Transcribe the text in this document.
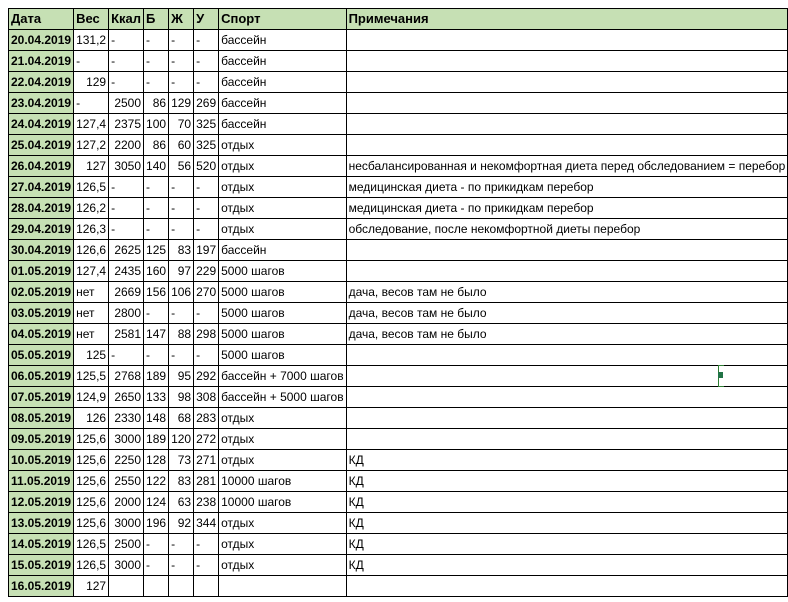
Дата	Вес	Ккал	Б	Ж	У	Спорт	Примечания
20.04.2019	131,2	-	-	-	-	бассейн	
21.04.2019	-	-	-	-	-	бассейн	
22.04.2019	129	-	-	-	-	бассейн	
23.04.2019	-	2500	86	129	269	бассейн	
24.04.2019	127,4	2375	100	70	325	бассейн	
25.04.2019	127,2	2200	86	60	325	отдых	
26.04.2019	127	3050	140	56	520	отдых	несбалансированная и некомфортная диета перед обследованием = перебор
27.04.2019	126,5	-	-	-	-	отдых	медицинская диета - по прикидкам перебор
28.04.2019	126,2	-	-	-	-	отдых	медицинская диета - по прикидкам перебор
29.04.2019	126,3	-	-	-	-	отдых	обследование, после некомфортной диеты перебор
30.04.2019	126,6	2625	125	83	197	бассейн	
01.05.2019	127,4	2435	160	97	229	5000 шагов	
02.05.2019	нет	2669	156	106	270	5000 шагов	дача, весов там не было
03.05.2019	нет	2800	-	-	-	5000 шагов	дача, весов там не было
04.05.2019	нет	2581	147	88	298	5000 шагов	дача, весов там не было
05.05.2019	125	-	-	-	-	5000 шагов	
06.05.2019	125,5	2768	189	95	292	бассейн + 7000 шагов	
07.05.2019	124,9	2650	133	98	308	бассейн + 5000 шагов	
08.05.2019	126	2330	148	68	283	отдых	
09.05.2019	125,6	3000	189	120	272	отдых	
10.05.2019	125,6	2250	128	73	271	отдых	КД
11.05.2019	125,6	2550	122	83	281	10000 шагов	КД
12.05.2019	125,6	2000	124	63	238	10000 шагов	КД
13.05.2019	125,6	3000	196	92	344	отдых	КД
14.05.2019	126,5	2500	-	-	-	отдых	КД
15.05.2019	126,5	3000	-	-	-	отдых	КД
16.05.2019	127						
